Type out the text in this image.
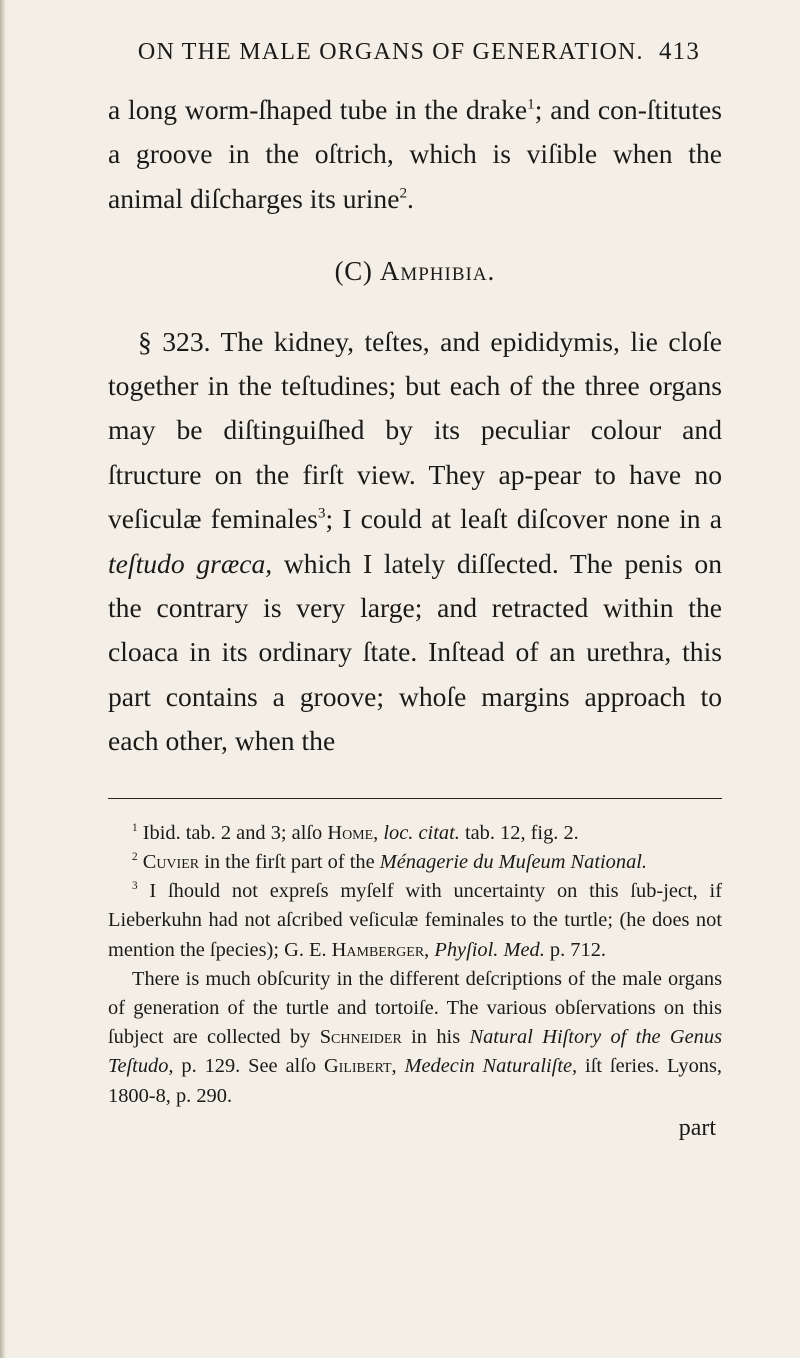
ON THE MALE ORGANS OF GENERATION. 413

a long worm-ſhaped tube in the drake$^1$; and con-ſtitutes a groove in the oſtrich, which is viſible when the animal diſcharges its urine$^2$.

(C) Amphibia.

§ 323. The kidney, teſtes, and epididymis, lie cloſe together in the teſtudines; but each of the three organs may be diſtinguiſhed by its peculiar colour and ſtructure on the firſt view. They ap-pear to have no veſiculæ feminales$^3$; I could at leaſt diſcover none in a teſtudo græca, which I lately diſſected. The penis on the contrary is very large; and retracted within the cloaca in its ordinary ſtate. Inſtead of an urethra, this part contains a groove; whoſe margins approach to each other, when the

$^1$ Ibid. tab. 2 and 3; alſo Home, loc. citat. tab. 12, fig. 2.

$^2$ Cuvier in the firſt part of the Ménagerie du Muſeum National.

$^3$ I ſhould not expreſs myſelf with uncertainty on this ſub-ject, if Lieberkuhn had not aſcribed veſiculæ feminales to the turtle; (he does not mention the ſpecies); G. E. Hamberger, Phyſiol. Med. p. 712.

There is much obſcurity in the different deſcriptions of the male organs of generation of the turtle and tortoiſe. The various obſervations on this ſubject are collected by Schneider in his Natural Hiſtory of the Genus Teſtudo, p. 129. See alſo Gilibert, Medecin Naturaliſte, iſt ſeries. Lyons, 1800-8, p. 290.

part
